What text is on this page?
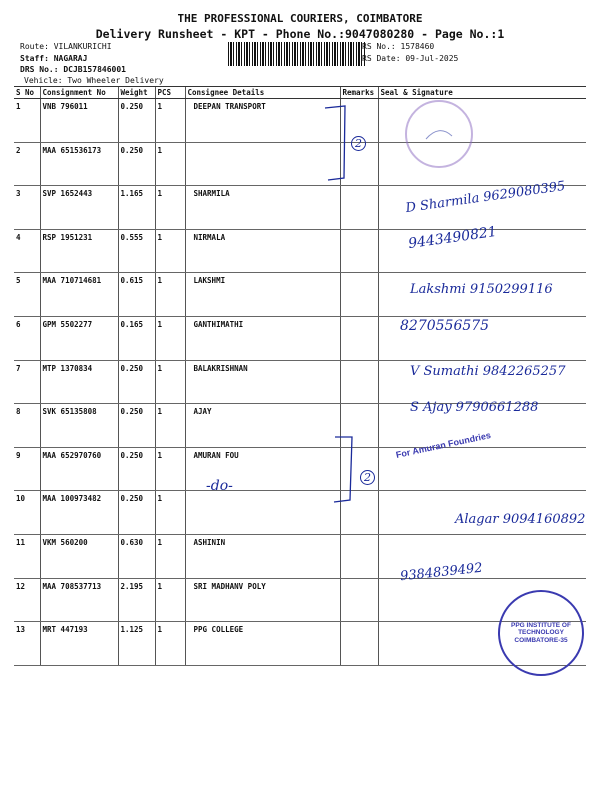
THE PROFESSIONAL COURIERS, COIMBATORE
Delivery Runsheet - KPT - Phone No.:9047080280 - Page No.:1
Route: VILANKURICHI
Staff: NAGARAJ
DRS No.: DCJB157846001
Vehicle: Two Wheeler Delivery
RS No.: 1578460
RS Date: 09-Jul-2025
S No	Consignment No	Weight	PCS	Consignee Details	Remarks	Seal & Signature
1	VNB 796011	0.250	1	DEEPAN TRANSPORT		
2	MAA 651536173	0.250	1			
3	SVP 1652443	1.165	1	SHARMILA		
4	RSP 1951231	0.555	1	NIRMALA		
5	MAA 710714681	0.615	1	LAKSHMI		
6	GPM 5502277	0.165	1	GANTHIMATHI		
7	MTP 1370834	0.250	1	BALAKRISHNAN		
8	SVK 65135808	0.250	1	AJAY		
9	MAA 652970760	0.250	1	AMURAN FOU		
10	MAA 100973482	0.250	1			
11	VKM 560200	0.630	1	ASHININ		
12	MAA 708537713	2.195	1	SRI MADHANV POLY		
13	MRT 447193	1.125	1	PPG COLLEGE		
2
2
-do-
D Sharmila 9629080395
9443490821
Lakshmi 9150299116
8270556575
V Sumathi 9842265257
S Ajay 9790661288
Alagar 9094160892
9384839492
For Amuran Foundries
PPG INSTITUTE OF TECHNOLOGY COIMBATORE-35
